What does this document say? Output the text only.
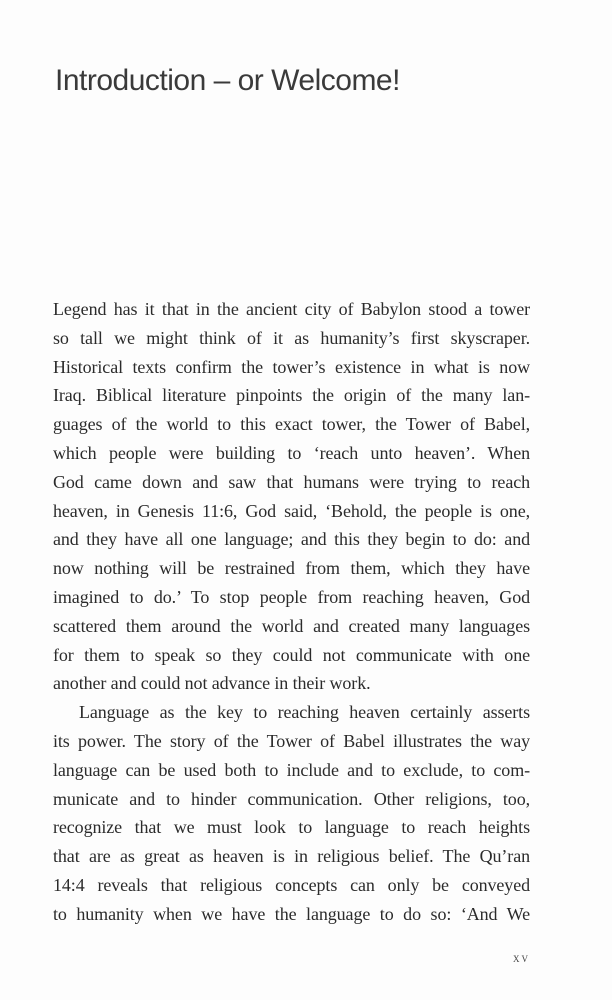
Introduction – or Welcome!
Legend has it that in the ancient city of Babylon stood a tower
so tall we might think of it as humanity’s first skyscraper.
Historical texts confirm the tower’s existence in what is now
Iraq. Biblical literature pinpoints the origin of the many lan-
guages of the world to this exact tower, the Tower of Babel,
which people were building to ‘reach unto heaven’. When
God came down and saw that humans were trying to reach
heaven, in Genesis 11:6, God said, ‘Behold, the people is one,
and they have all one language; and this they begin to do: and
now nothing will be restrained from them, which they have
imagined to do.’ To stop people from reaching heaven, God
scattered them around the world and created many languages
for them to speak so they could not communicate with one
another and could not advance in their work.
Language as the key to reaching heaven certainly asserts
its power. The story of the Tower of Babel illustrates the way
language can be used both to include and to exclude, to com-
municate and to hinder communication. Other religions, too,
recognize that we must look to language to reach heights
that are as great as heaven is in religious belief. The Qu’ran
14:4 reveals that religious concepts can only be conveyed
to humanity when we have the language to do so: ‘And We
xv
